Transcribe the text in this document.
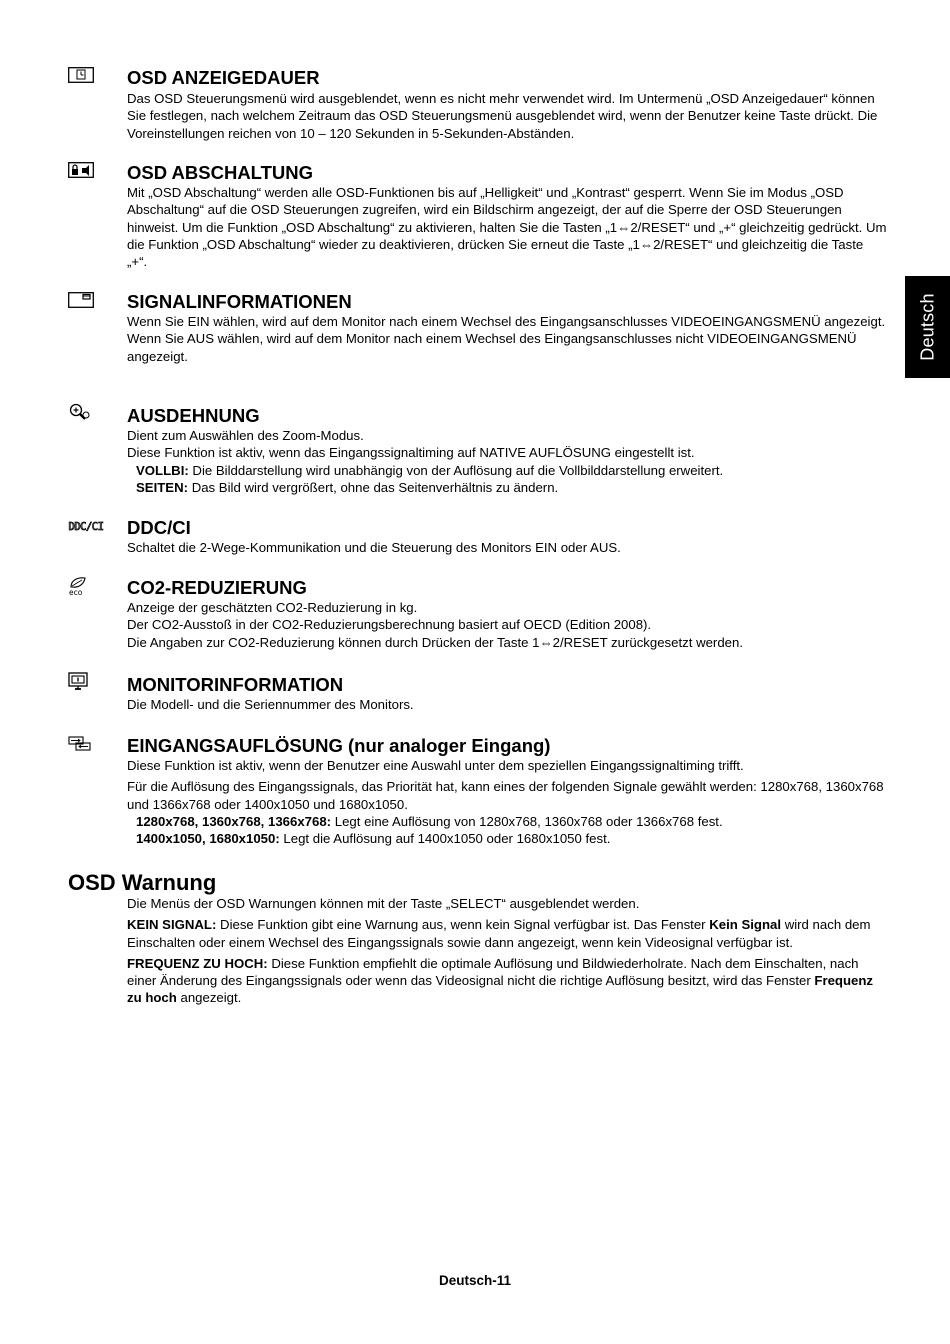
Deutsch
OSD ANZEIGEDAUER

Das OSD Steuerungsmenü wird ausgeblendet, wenn es nicht mehr verwendet wird. Im Untermenü „OSD Anzeigedauer“ können Sie festlegen, nach welchem Zeitraum das OSD Steuerungsmenü ausgeblendet wird, wenn der Benutzer keine Taste drückt. Die Voreinstellungen reichen von 10 – 120 Sekunden in 5-Sekunden-Abständen.

OSD ABSCHALTUNG

Mit „OSD Abschaltung“ werden alle OSD-Funktionen bis auf „Helligkeit“ und „Kontrast“ gesperrt. Wenn Sie im Modus „OSD Abschaltung“ auf die OSD Steuerungen zugreifen, wird ein Bildschirm angezeigt, der auf die Sperre der OSD Steuerungen hinweist. Um die Funktion „OSD Abschaltung“ zu aktivieren, halten Sie die Tasten „1⇔2/RESET“ und „+“ gleichzeitig gedrückt. Um die Funktion „OSD Abschaltung“ wieder zu deaktivieren, drücken Sie erneut die Taste „1⇔2/RESET“ und gleichzeitig die Taste „+“.

SIGNALINFORMATIONEN

Wenn Sie EIN wählen, wird auf dem Monitor nach einem Wechsel des Eingangsanschlusses VIDEOEINGANGSMENÜ angezeigt.

Wenn Sie AUS wählen, wird auf dem Monitor nach einem Wechsel des Eingangsanschlusses nicht VIDEOEINGANGSMENÜ angezeigt.

AUSDEHNUNG

Dient zum Auswählen des Zoom-Modus.

Diese Funktion ist aktiv, wenn das Eingangssignaltiming auf NATIVE AUFLÖSUNG eingestellt ist.

VOLLBI: Die Bilddarstellung wird unabhängig von der Auflösung auf die Vollbilddarstellung erweitert.

SEITEN: Das Bild wird vergrößert, ohne das Seitenverhältnis zu ändern.

DDC/CI DDC/CI

Schaltet die 2-Wege-Kommunikation und die Steuerung des Monitors EIN oder AUS.

eco CO2-REDUZIERUNG

Anzeige der geschätzten CO2-Reduzierung in kg.

Der CO2-Ausstoß in der CO2-Reduzierungsberechnung basiert auf OECD (Edition 2008).

Die Angaben zur CO2-Reduzierung können durch Drücken der Taste 1⇔2/RESET zurückgesetzt werden.

MONITORINFORMATION

Die Modell- und die Seriennummer des Monitors.

EINGANGSAUFLÖSUNG (nur analoger Eingang)

Diese Funktion ist aktiv, wenn der Benutzer eine Auswahl unter dem speziellen Eingangssignaltiming trifft.

Für die Auflösung des Eingangssignals, das Priorität hat, kann eines der folgenden Signale gewählt werden: 1280x768, 1360x768 und 1366x768 oder 1400x1050 und 1680x1050.

1280x768, 1360x768, 1366x768: Legt eine Auflösung von 1280x768, 1360x768 oder 1366x768 fest.

1400x1050, 1680x1050: Legt die Auflösung auf 1400x1050 oder 1680x1050 fest.

OSD Warnung

Die Menüs der OSD Warnungen können mit der Taste „SELECT“ ausgeblendet werden.

KEIN SIGNAL: Diese Funktion gibt eine Warnung aus, wenn kein Signal verfügbar ist. Das Fenster Kein Signal wird nach dem Einschalten oder einem Wechsel des Eingangssignals sowie dann angezeigt, wenn kein Videosignal verfügbar ist.

FREQUENZ ZU HOCH: Diese Funktion empfiehlt die optimale Auflösung und Bildwiederholrate. Nach dem Einschalten, nach einer Änderung des Eingangssignals oder wenn das Videosignal nicht die richtige Auflösung besitzt, wird das Fenster Frequenz zu hoch angezeigt.

Deutsch-11
